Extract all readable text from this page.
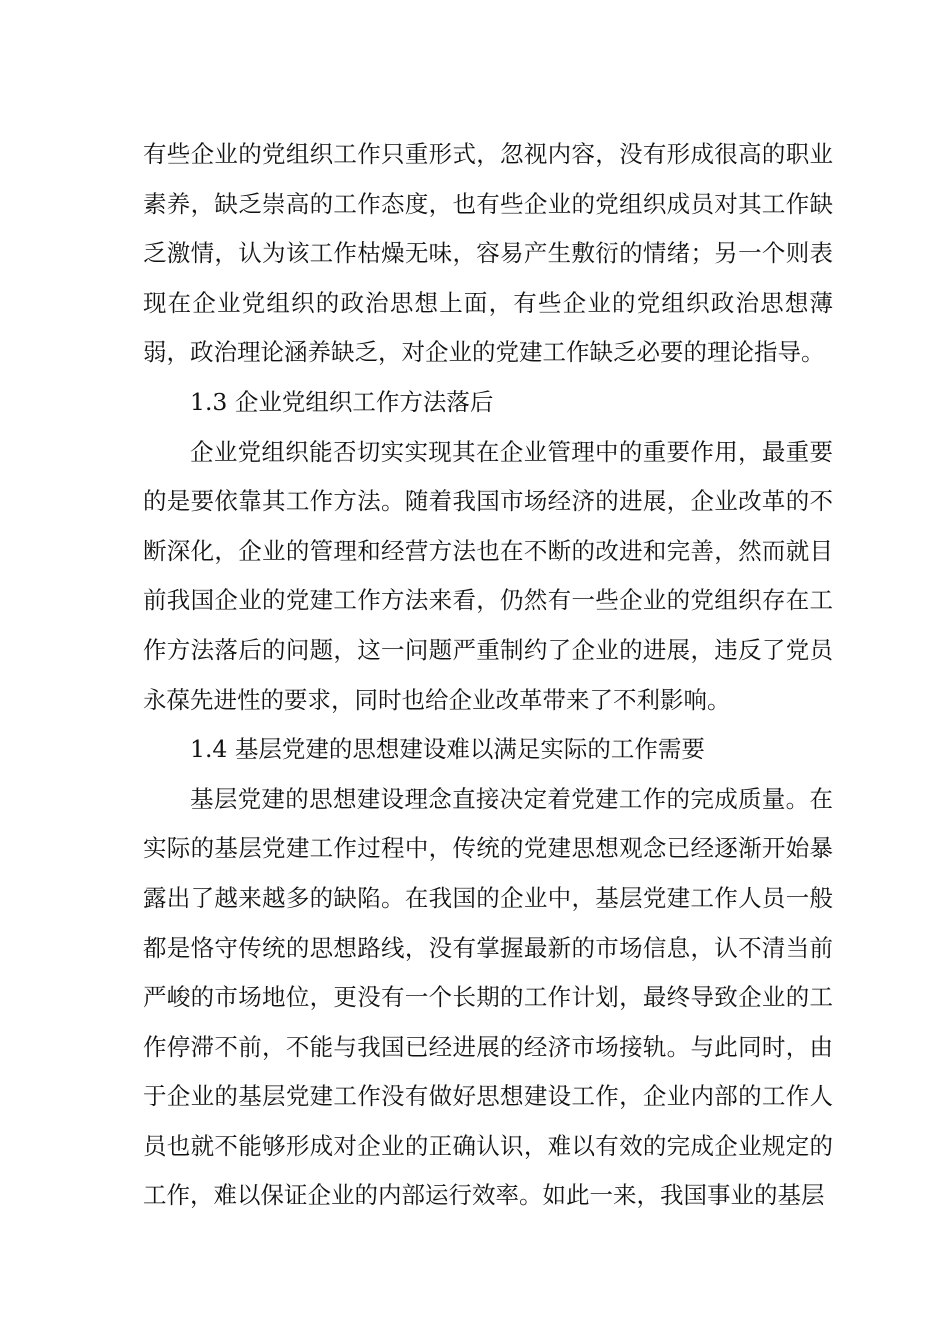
有些企业的党组织工作只重形式，忽视内容，没有形成很高的职业素养，缺乏崇高的工作态度，也有些企业的党组织成员对其工作缺乏激情，认为该工作枯燥无味，容易产生敷衍的情绪；另一个则表现在企业党组织的政治思想上面，有些企业的党组织政治思想薄弱，政治理论涵养缺乏，对企业的党建工作缺乏必要的理论指导。

1.3 企业党组织工作方法落后

企业党组织能否切实实现其在企业管理中的重要作用，最重要的是要依靠其工作方法。随着我国市场经济的进展，企业改革的不断深化，企业的管理和经营方法也在不断的改进和完善，然而就目前我国企业的党建工作方法来看，仍然有一些企业的党组织存在工作方法落后的问题，这一问题严重制约了企业的进展，违反了党员永葆先进性的要求，同时也给企业改革带来了不利影响。

1.4 基层党建的思想建设难以满足实际的工作需要

基层党建的思想建设理念直接决定着党建工作的完成质量。在实际的基层党建工作过程中，传统的党建思想观念已经逐渐开始暴露出了越来越多的缺陷。在我国的企业中，基层党建工作人员一般都是恪守传统的思想路线，没有掌握最新的市场信息，认不清当前严峻的市场地位，更没有一个长期的工作计划，最终导致企业的工作停滞不前，不能与我国已经进展的经济市场接轨。与此同时，由于企业的基层党建工作没有做好思想建设工作，企业内部的工作人员也就不能够形成对企业的正确认识，难以有效的完成企业规定的工作，难以保证企业的内部运行效率。如此一来，我国事业的基层
